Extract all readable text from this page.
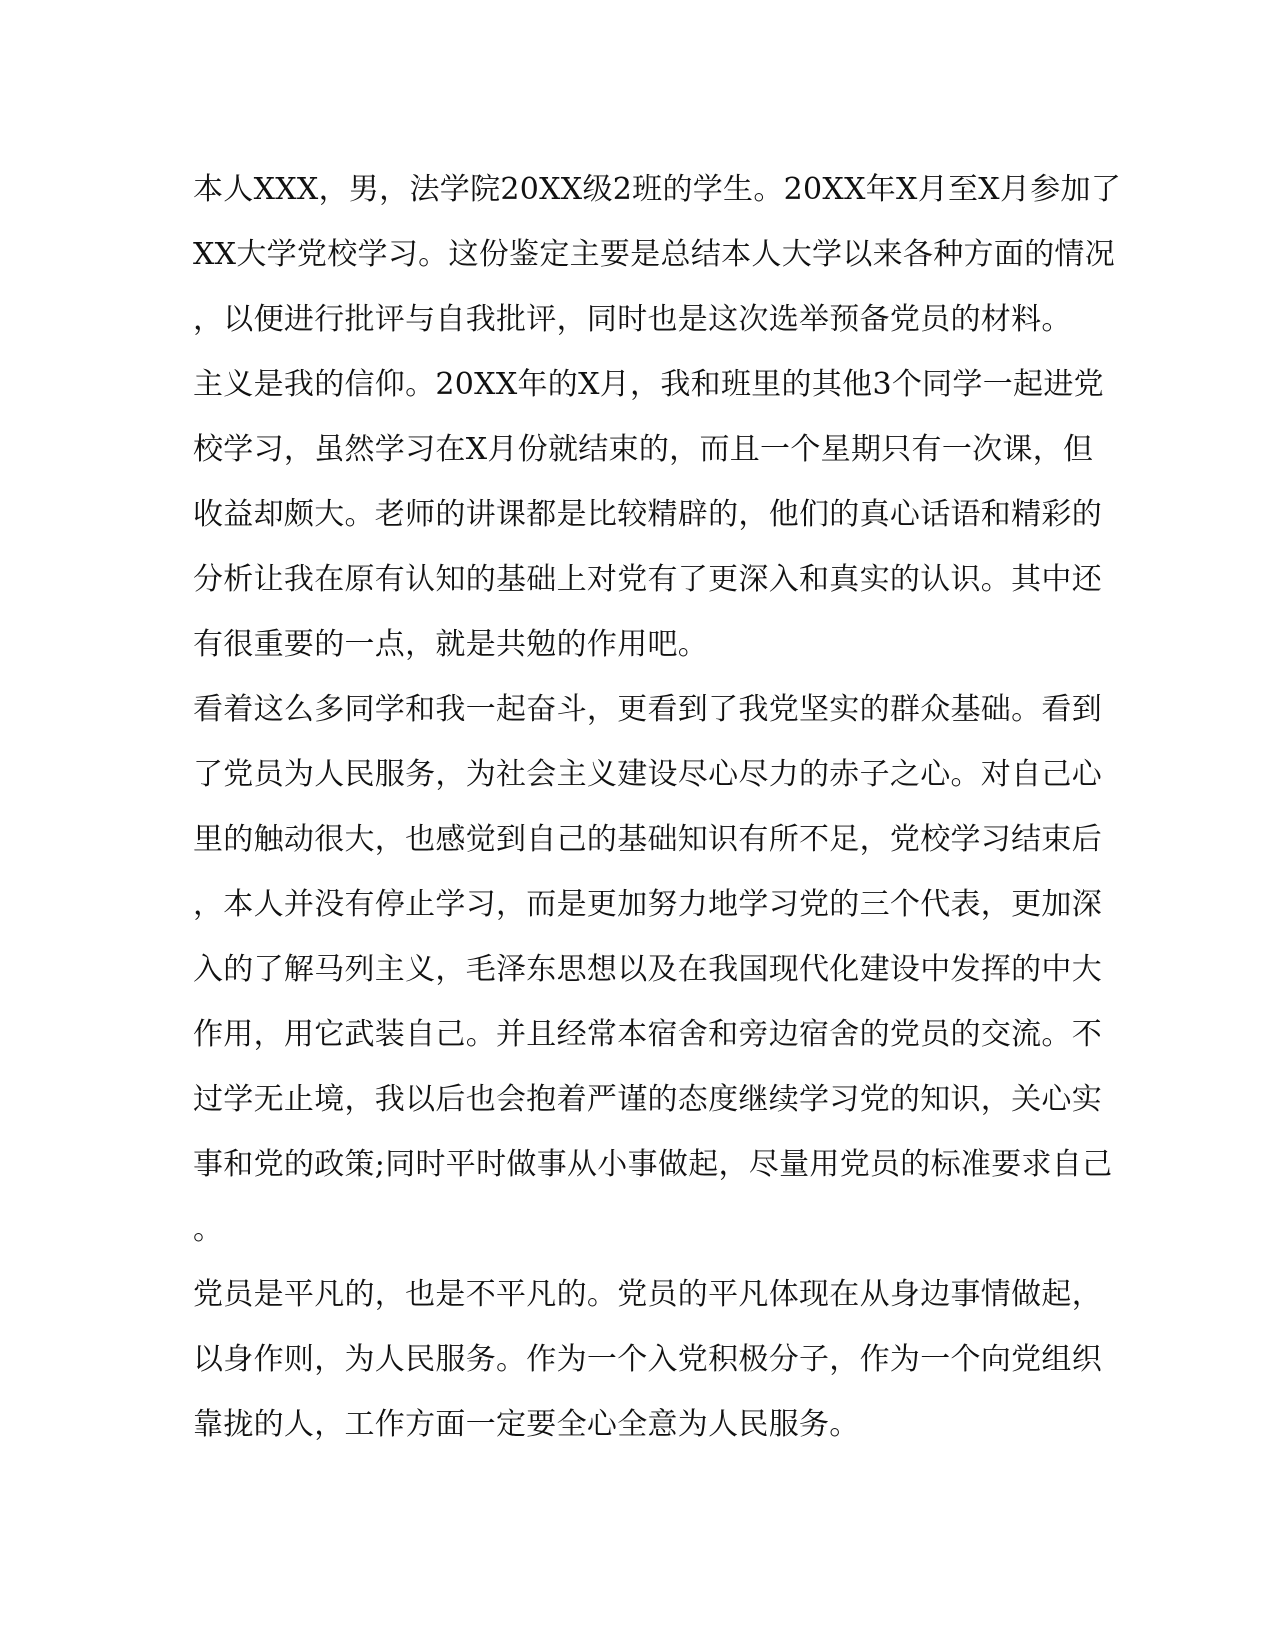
本人XXX，男，法学院20XX级2班的学生。20XX年X月至X月参加了
XX大学党校学习。这份鉴定主要是总结本人大学以来各种方面的情况
，以便进行批评与自我批评，同时也是这次选举预备党员的材料。
主义是我的信仰。20XX年的X月，我和班里的其他3个同学一起进党
校学习，虽然学习在X月份就结束的，而且一个星期只有一次课，但
收益却颇大。老师的讲课都是比较精辟的，他们的真心话语和精彩的
分析让我在原有认知的基础上对党有了更深入和真实的认识。其中还
有很重要的一点，就是共勉的作用吧。
看着这么多同学和我一起奋斗，更看到了我党坚实的群众基础。看到
了党员为人民服务，为社会主义建设尽心尽力的赤子之心。对自己心
里的触动很大，也感觉到自己的基础知识有所不足，党校学习结束后
，本人并没有停止学习，而是更加努力地学习党的三个代表，更加深
入的了解马列主义，毛泽东思想以及在我国现代化建设中发挥的中大
作用，用它武装自己。并且经常本宿舍和旁边宿舍的党员的交流。不
过学无止境，我以后也会抱着严谨的态度继续学习党的知识，关心实
事和党的政策;同时平时做事从小事做起，尽量用党员的标准要求自己
。
党员是平凡的，也是不平凡的。党员的平凡体现在从身边事情做起，
以身作则，为人民服务。作为一个入党积极分子，作为一个向党组织
靠拢的人，工作方面一定要全心全意为人民服务。
